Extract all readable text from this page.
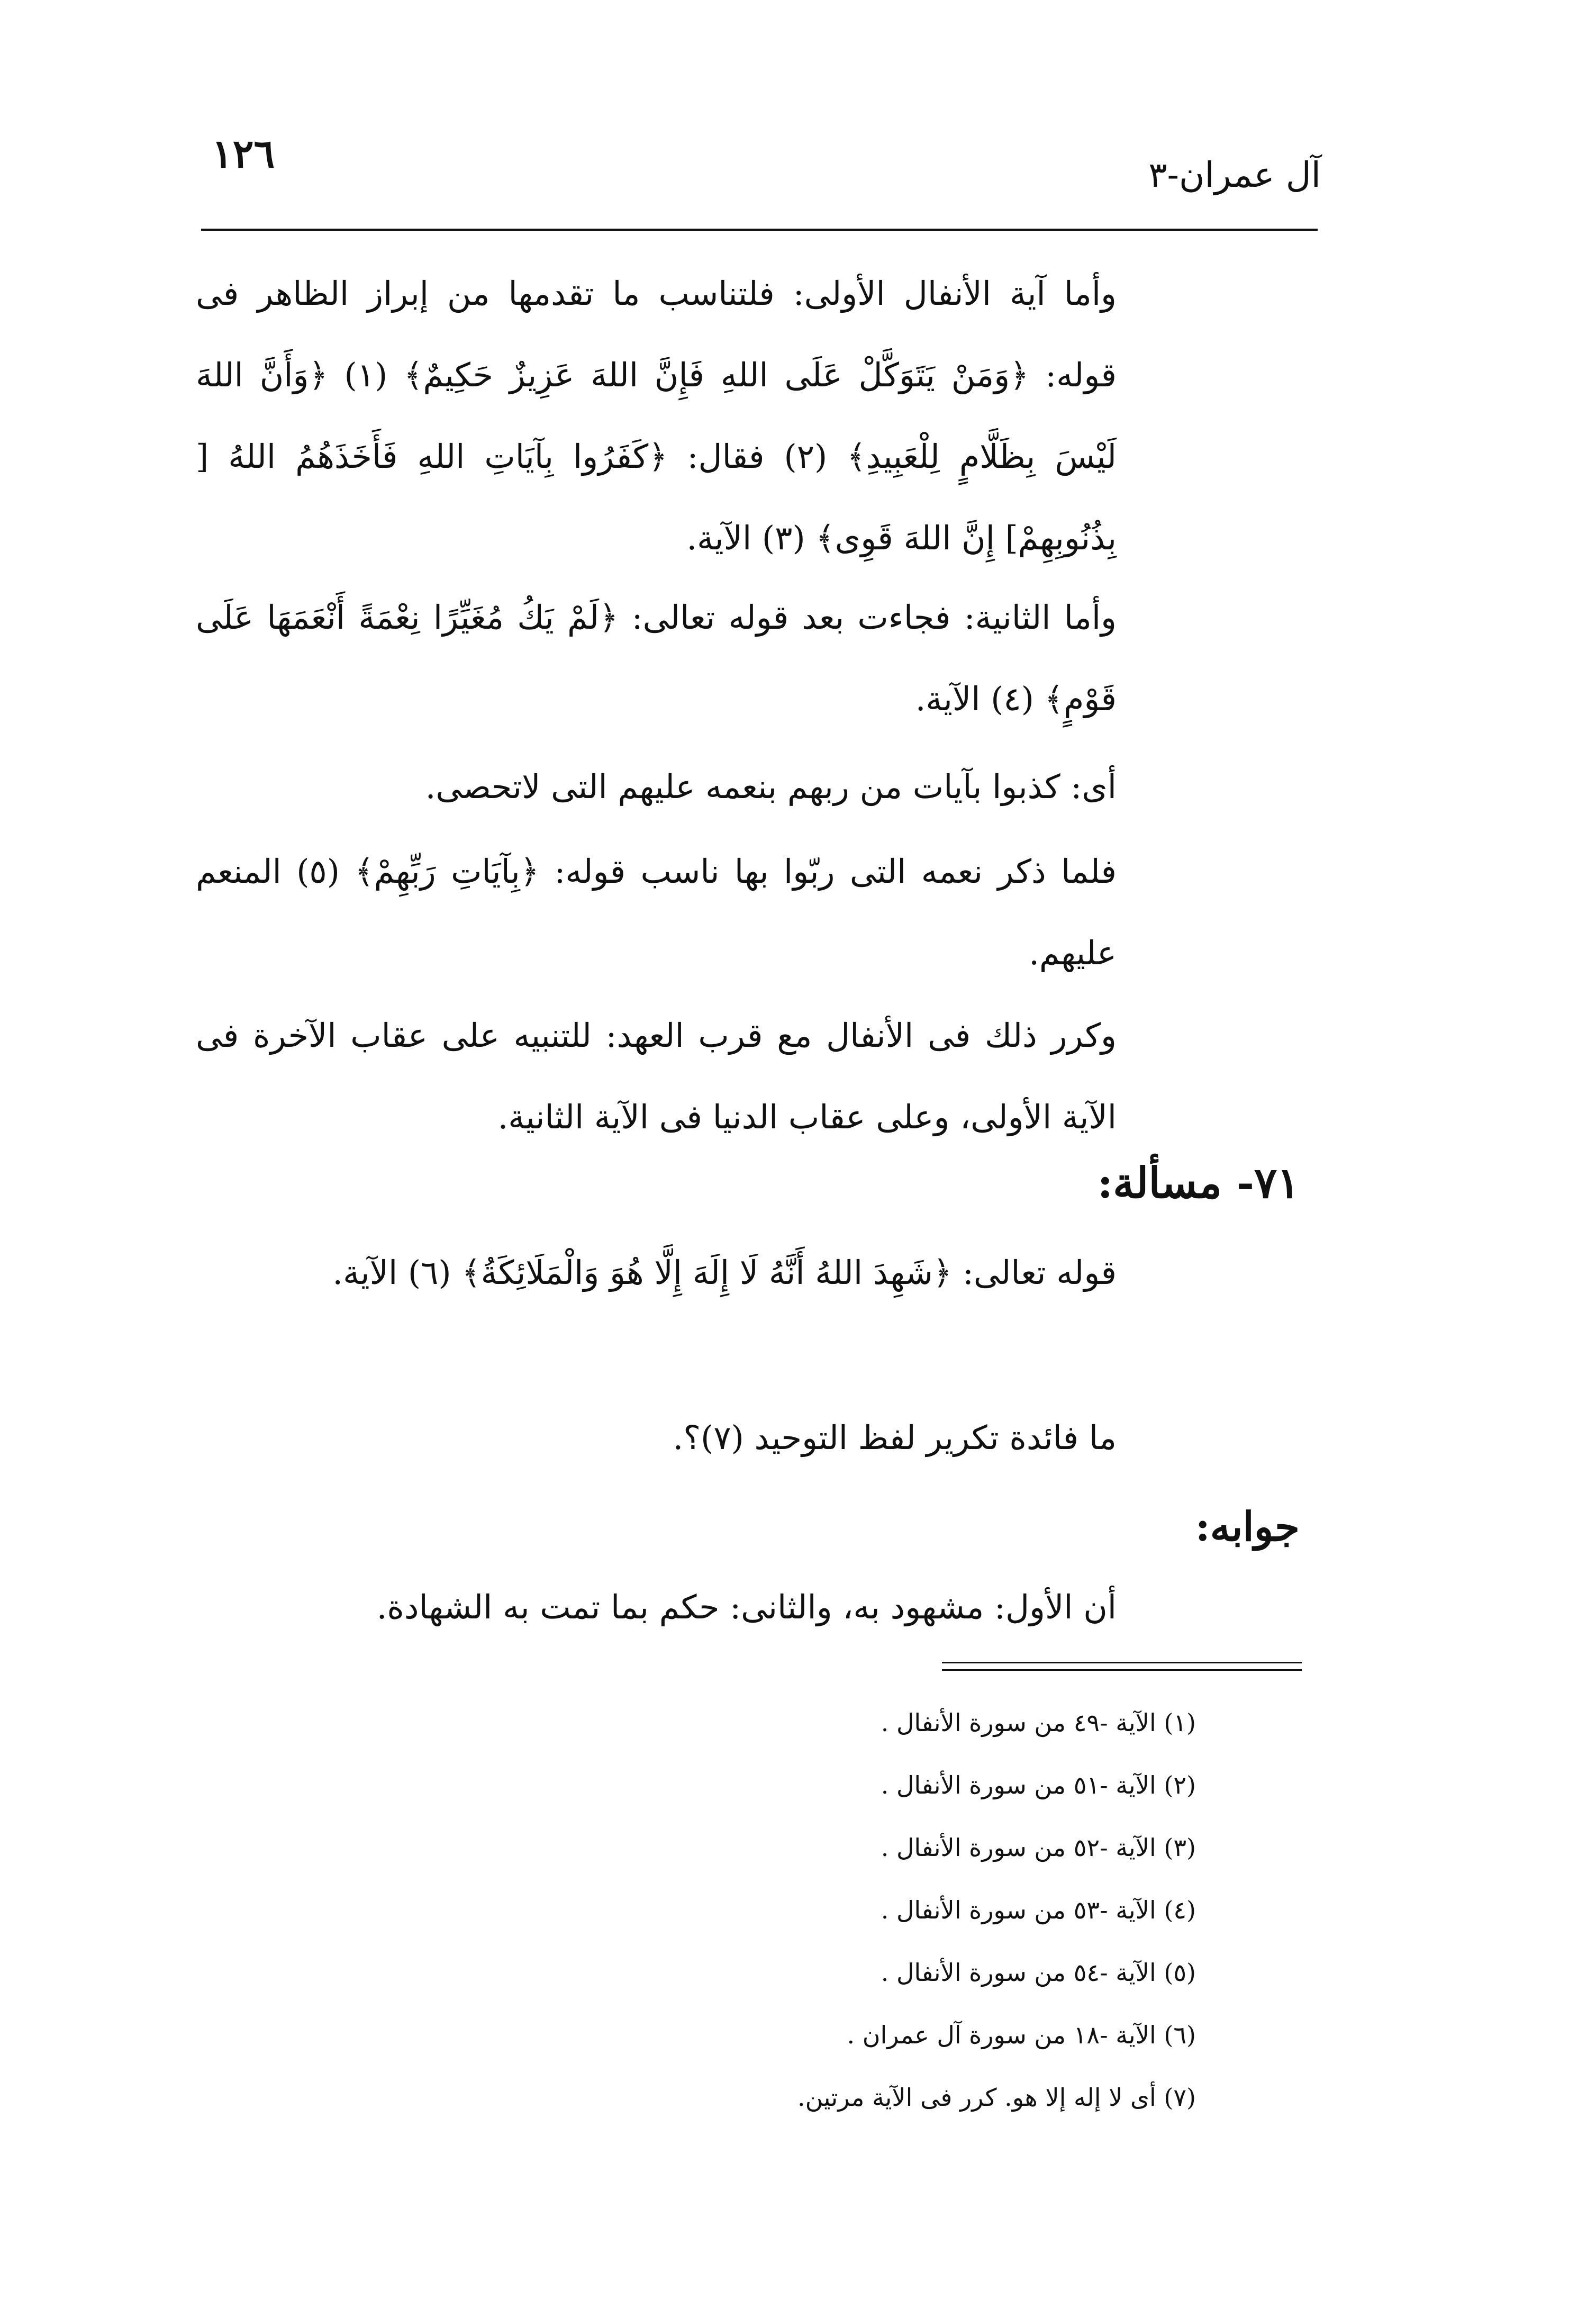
آل عمران-٣
١٢٦
وأما آية الأنفال الأولى: فلتناسب ما تقدمها من إبراز الظاهر فى قوله: ﴿وَمَنْ يَتَوَكَّلْ عَلَى اللهِ فَإِنَّ اللهَ عَزِيزٌ حَكِيمٌ﴾ (١) ﴿وَأَنَّ اللهَ لَيْسَ بِظَلَّامٍ لِلْعَبِيدِ﴾ (٢) فقال: ﴿كَفَرُوا بِآيَاتِ اللهِ فَأَخَذَهُمُ اللهُ [ بِذُنُوبِهِمْ] إِنَّ اللهَ قَوِى﴾ (٣) الآية.
وأما الثانية: فجاءت بعد قوله تعالى: ﴿لَمْ يَكُ مُغَيِّرًا نِعْمَةً أَنْعَمَهَا عَلَى قَوْمٍ﴾ (٤) الآية.
أى: كذبوا بآيات من ربهم بنعمه عليهم التى لاتحصى.
فلما ذكر نعمه التى ربّوا بها ناسب قوله: ﴿بِآيَاتِ رَبِّهِمْ﴾ (٥) المنعم عليهم.
وكرر ذلك فى الأنفال مع قرب العهد: للتنبيه على عقاب الآخرة فى الآية الأولى، وعلى عقاب الدنيا فى الآية الثانية.
٧١- مسألة:
قوله تعالى: ﴿شَهِدَ اللهُ أَنَّهُ لَا إِلَهَ إِلَّا هُوَ وَالْمَلَائِكَةُ﴾ (٦) الآية.
ما فائدة تكرير لفظ التوحيد (٧)؟.
جوابه:
أن الأول: مشهود به، والثانى: حكم بما تمت به الشهادة.
(١) الآية -٤٩ من سورة الأنفال .
(٢) الآية -٥١ من سورة الأنفال .
(٣) الآية -٥٢ من سورة الأنفال .
(٤) الآية -٥٣ من سورة الأنفال .
(٥) الآية -٥٤ من سورة الأنفال .
(٦) الآية -١٨ من سورة آل عمران .
(٧) أى لا إله إلا هو. كرر فى الآية مرتين.
